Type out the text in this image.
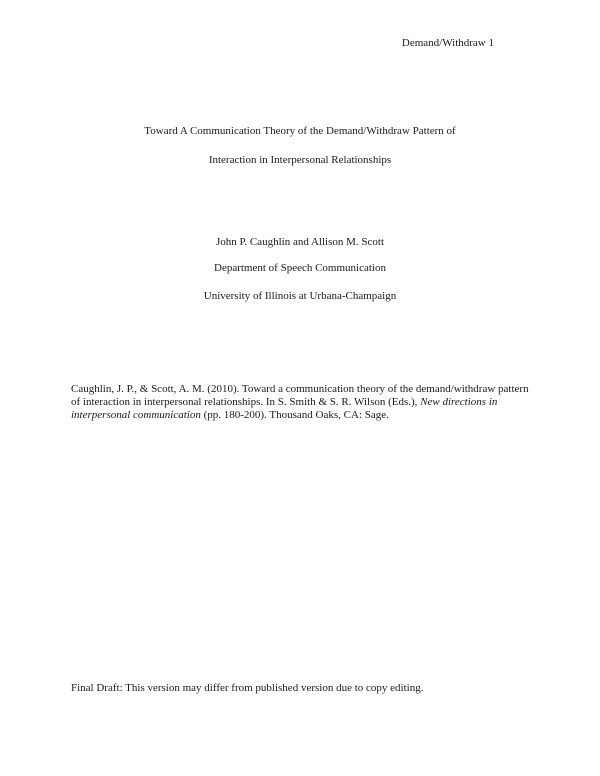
Demand/Withdraw 1
Toward A Communication Theory of the Demand/Withdraw Pattern of
Interaction in Interpersonal Relationships
John P. Caughlin and Allison M. Scott
Department of Speech Communication
University of Illinois at Urbana-Champaign
Caughlin, J. P., & Scott, A. M. (2010). Toward a communication theory of the demand/withdraw pattern of interaction in interpersonal relationships. In S. Smith & S. R. Wilson (Eds.), New directions in interpersonal communication (pp. 180-200). Thousand Oaks, CA: Sage.
Final Draft: This version may differ from published version due to copy editing.
